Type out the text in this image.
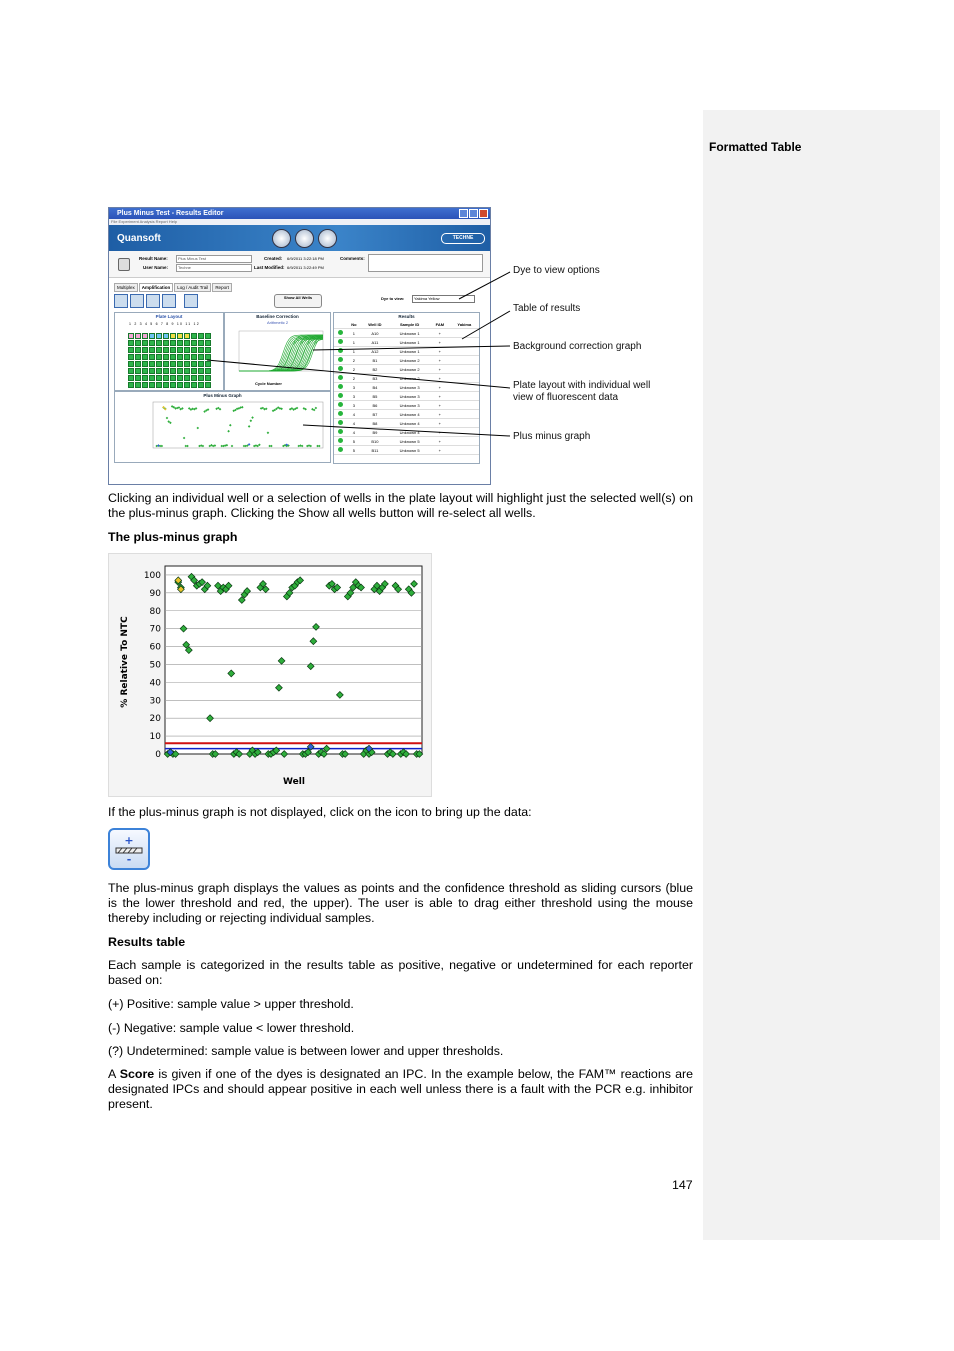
Formatted Table
Plus Minus Test - Results Editor
File Experiment Analysis Report Help
Quansoft	TECHNE
Result Name:	Plus Minus Test
User Name:	Techne
Created: 6/9/2011 3:22:18 PM
Last Modified: 6/9/2011 3:22:49 PM
Comments:
Multiplex	Amplification	Log / Audit Trail	Report
Show All Wells	Dye to view:	Yakima Yellow
Plate Layout
1 2 3 4 5 6 7 8 9 10 11 12
Baseline Correction
Arithmetic 2
Cycle Number
Plus Minus Graph
Results
	No	Well ID	Sample ID	FAM	Yakima
	1	A10	Unknown 1	+	
	1	A11	Unknown 1	+	
	1	A12	Unknown 1	+	
	2	B1	Unknown 2	+	
	2	B2	Unknown 2	+	
	2	B3	Unknown 2	+	
	3	B4	Unknown 3	+	
	3	B5	Unknown 3	+	
	3	B6	Unknown 3	+	
	4	B7	Unknown 4	+	
	4	B8	Unknown 4	+	
	4	B9	Unknown 4	+	
	5	B10	Unknown 5	+	
	5	B11	Unknown 5	+	
Dye to view options
Table of results
Background correction graph
Plate layout with individual well
view of fluorescent data
Plus minus graph

Clicking an individual well or a selection of wells in the plate layout will highlight just the selected well(s) on the plus-minus graph. Clicking the Show all wells button will re-select all wells.

The plus-minus graph

0
10
20
30
40
50
60
70
80
90
100
Well
% Relative To NTC

If the plus-minus graph is not displayed, click on the icon to bring up the data:

+
-

The plus-minus graph displays the values as points and the confidence threshold as sliding cursors (blue is the lower threshold and red, the upper). The user is able to drag either threshold using the mouse thereby including or rejecting individual samples.

Results table

Each sample is categorized in the results table as positive, negative or undetermined for each reporter based on:

(+) Positive: sample value > upper threshold.

(-) Negative: sample value < lower threshold.

(?) Undetermined: sample value is between lower and upper thresholds.

A Score is given if one of the dyes is designated an IPC. In the example below, the FAM™ reactions are designated IPCs and should appear positive in each well unless there is a fault with the PCR e.g. inhibitor present.

147
